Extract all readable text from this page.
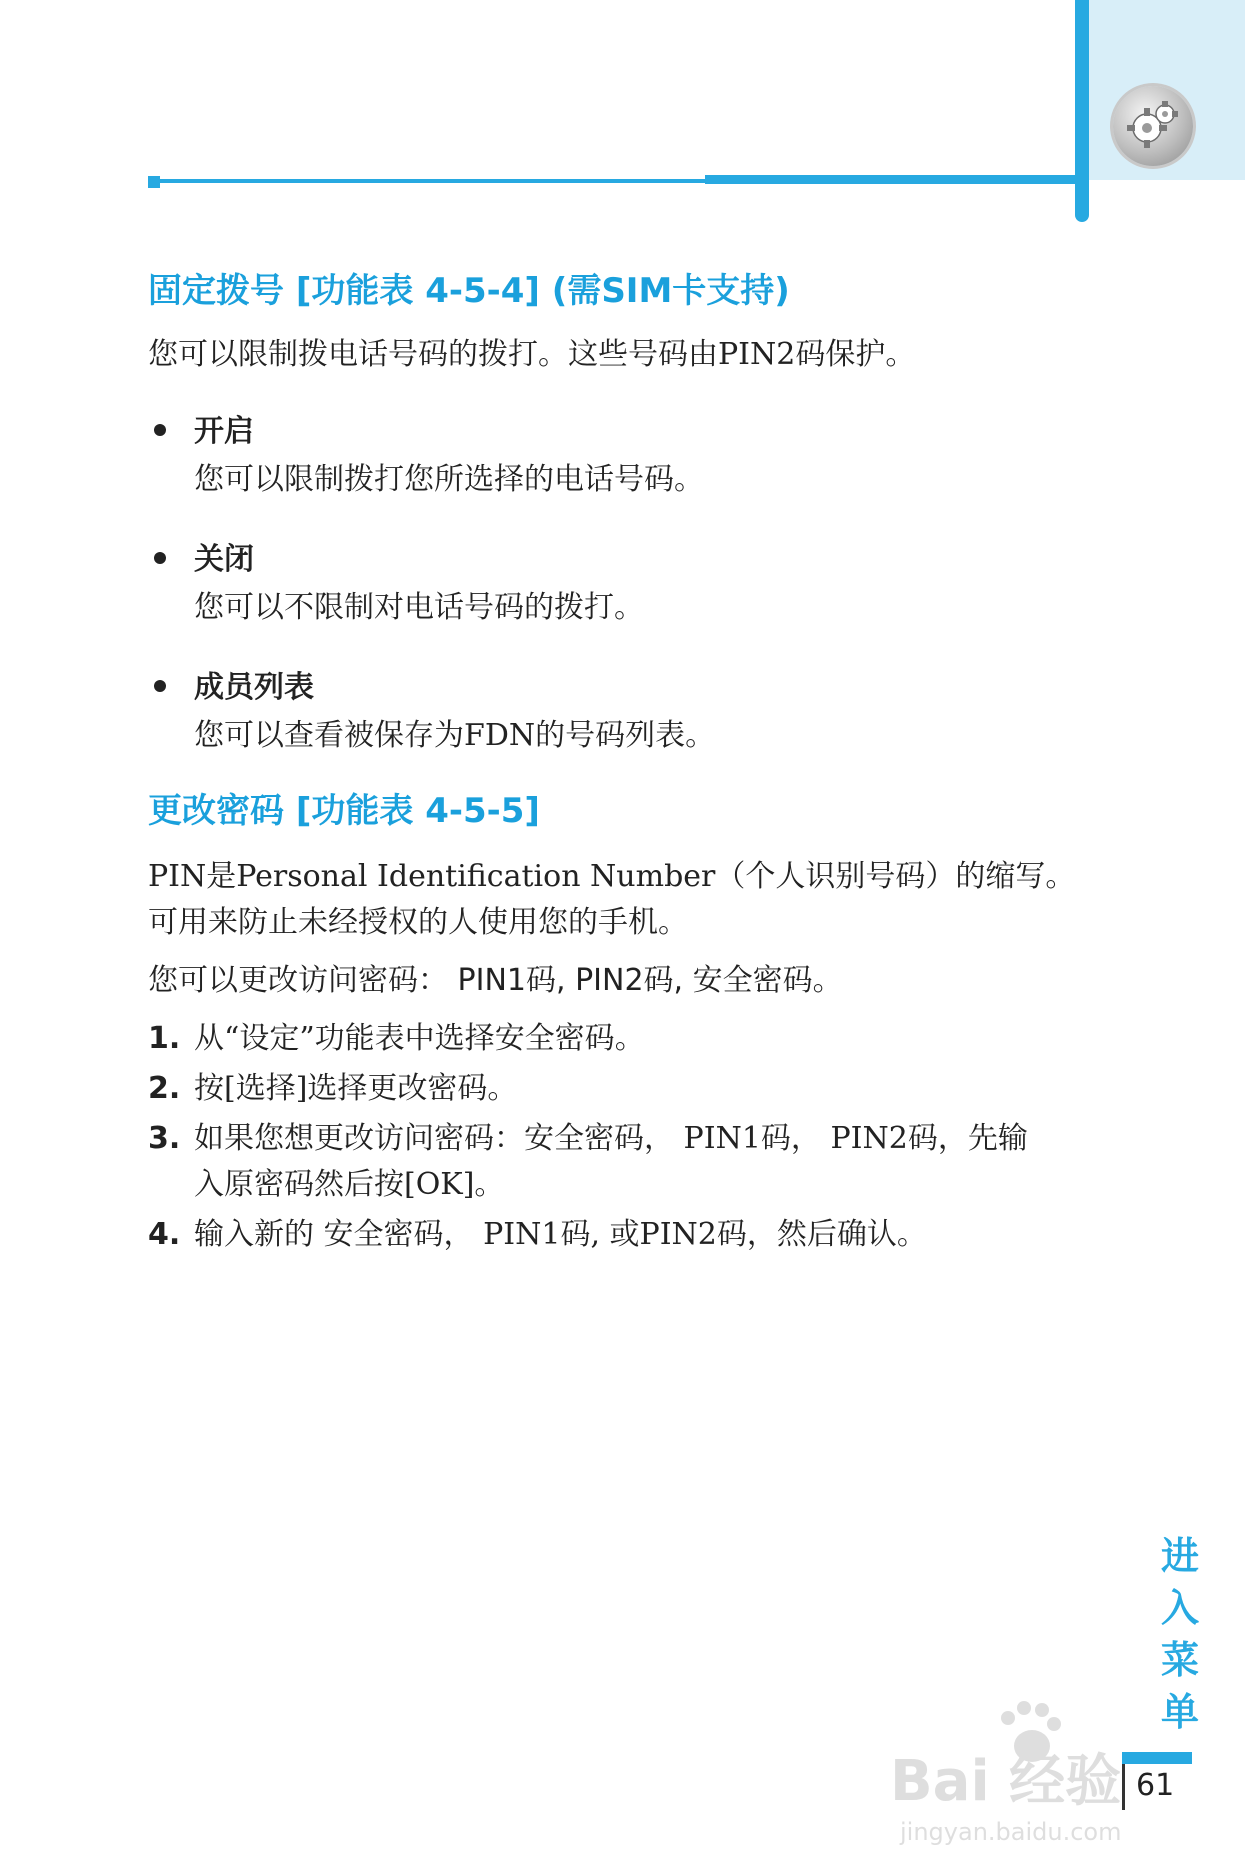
固定拨号 [功能表 4-5-4] (需SIM卡支持)

您可以限制拨电话号码的拨打。这些号码由PIN2码保护。

开启

您可以限制拨打您所选择的电话号码。

关闭

您可以不限制对电话号码的拨打。

成员列表

您可以查看被保存为FDN的号码列表。

更改密码 [功能表 4-5-5]

PIN是Personal Identification Number（个人识别号码）的缩写。

可用来防止未经授权的人使用您的手机。

您可以更改访问密码： PIN1码, PIN2码, 安全密码。

1. 从“设定”功能表中选择安全密码。
2. 按[选择]选择更改密码。
3. 如果您想更改访问密码：安全密码， PIN1码， PIN2码，先输
入原密码然后按[OK]。
4. 输入新的 安全密码， PIN1码, 或PIN2码，然后确认。
进
入
菜
单
Bai 经验
jingyan.baidu.com
61
